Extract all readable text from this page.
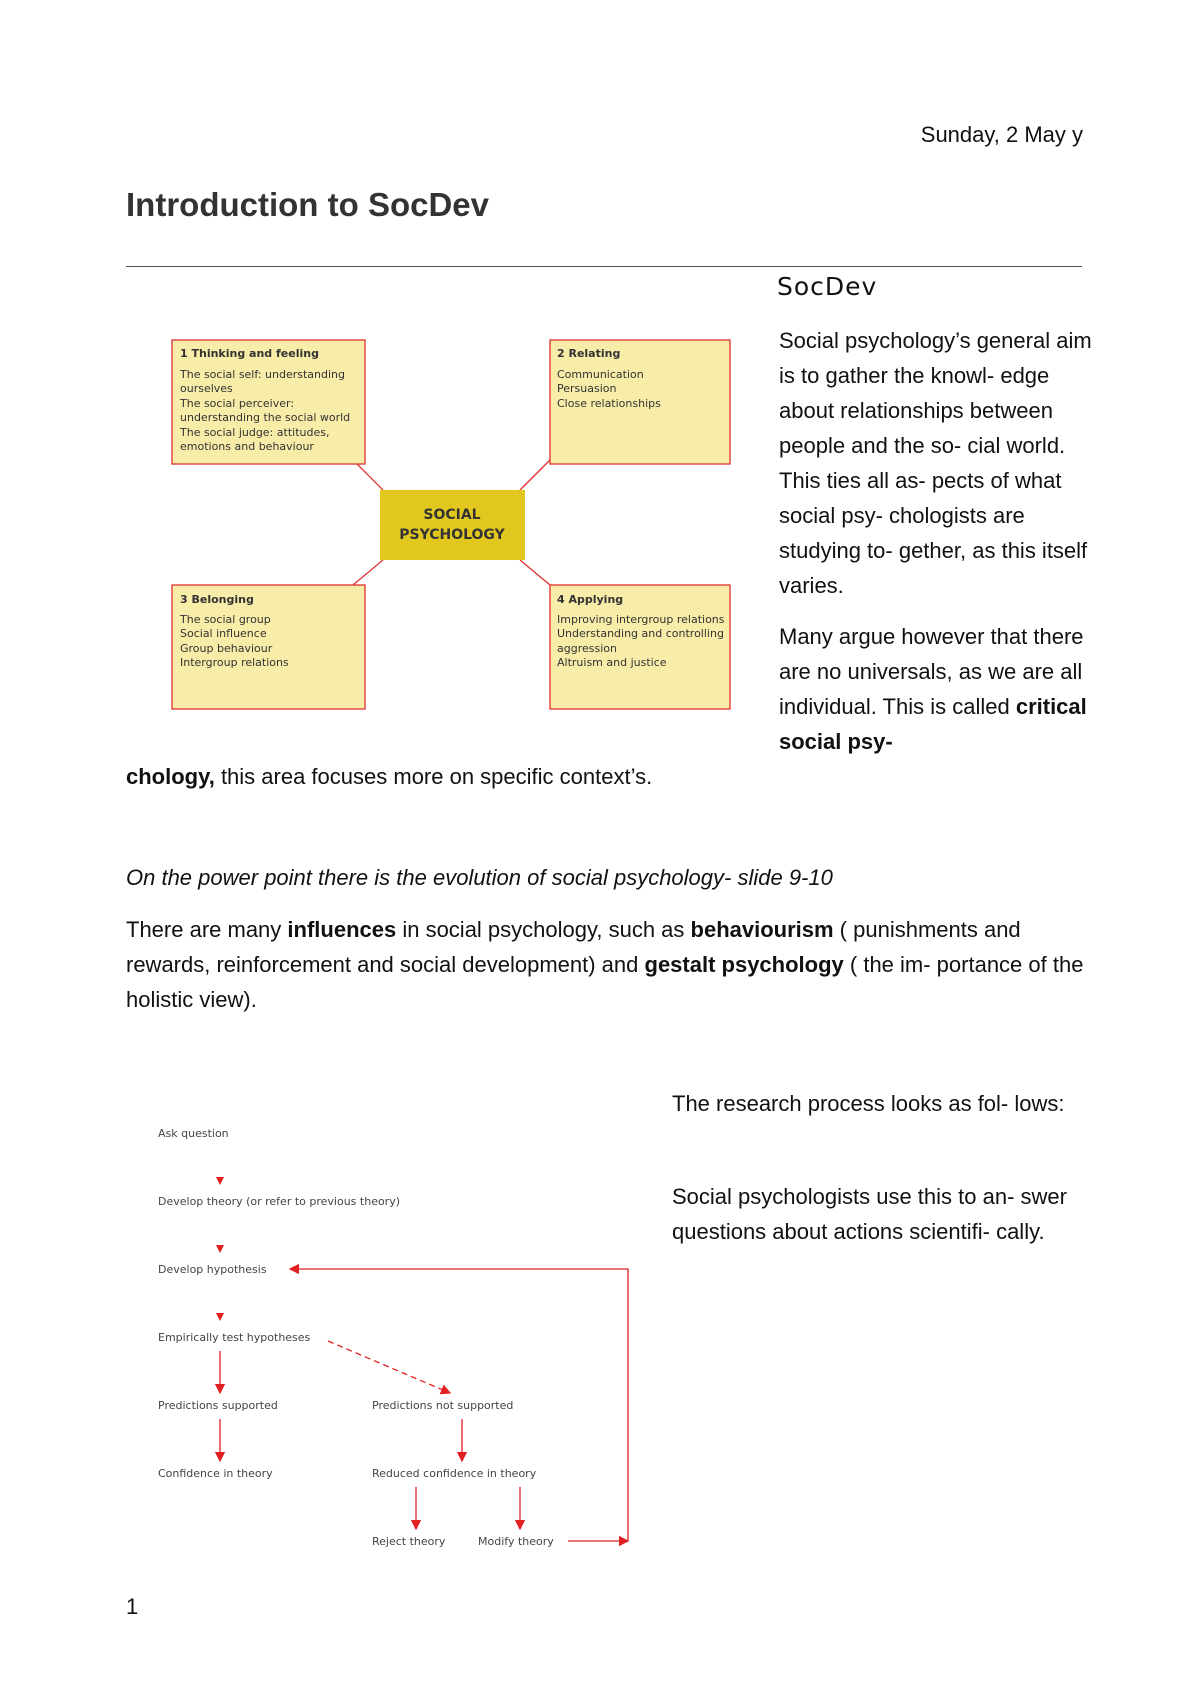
Sunday, 2 May y
Introduction to SocDev
SOCIAL
PSYCHOLOGY
1 Thinking and feeling
The social self: understanding
ourselves
The social perceiver:
understanding the social world
The social judge: attitudes,
emotions and behaviour
2 Relating
Communication
Persuasion
Close relationships
3 Belonging
The social group
Social influence
Group behaviour
Intergroup relations
4 Applying
Improving intergroup relations
Understanding and controlling
aggression
Altruism and justice
SocDev

Social psychology’s general aim is to gather the knowl- edge about relationships between people and the so- cial world. This ties all as- pects of what social psy- chologists are studying to- gether, as this itself varies.

Many argue however that there are no universals, as we are all individual. This is called critical social psy-

chology, this area focuses more on specific context’s.
On the power point there is the evolution of social psychology- slide 9-10
There are many influences in social psychology, such as behaviourism ( punishments and rewards, reinforcement and social development) and gestalt psychology ( the im- portance of the holistic view).
Ask question
Develop theory (or refer to previous theory)
Develop hypothesis
Empirically test hypotheses
Predictions supported	Predictions not supported
Confidence in theory	Reduced confidence in theory
Reject theory	Modify theory

The research process looks as fol- lows:

Social psychologists use this to an- swer questions about actions scientifi- cally.

1
